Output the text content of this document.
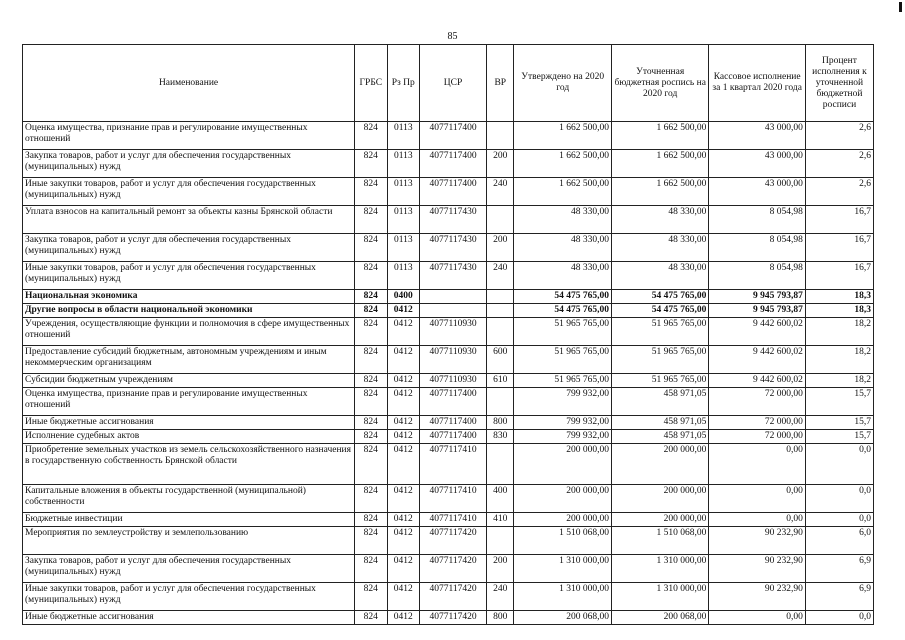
85
Наименование	ГРБС	Рз Пр	ЦСР	ВР	Утверждено на 2020 год	Уточненная бюджетная роспись на 2020 год	Кассовое исполнение за 1 квартал 2020 года	Процент исполнения к уточненной бюджетной росписи
Оценка имущества, признание прав и регулирование имущественных отношений	824	0113	4077117400		1 662 500,00	1 662 500,00	43 000,00	2,6
Закупка товаров, работ и услуг для обеспечения государственных (муниципальных) нужд	824	0113	4077117400	200	1 662 500,00	1 662 500,00	43 000,00	2,6
Иные закупки товаров, работ и услуг для обеспечения государственных (муниципальных) нужд	824	0113	4077117400	240	1 662 500,00	1 662 500,00	43 000,00	2,6
Уплата взносов на капитальный ремонт за объекты казны Брянской области	824	0113	4077117430		48 330,00	48 330,00	8 054,98	16,7
Закупка товаров, работ и услуг для обеспечения государственных (муниципальных) нужд	824	0113	4077117430	200	48 330,00	48 330,00	8 054,98	16,7
Иные закупки товаров, работ и услуг для обеспечения государственных (муниципальных) нужд	824	0113	4077117430	240	48 330,00	48 330,00	8 054,98	16,7
Национальная экономика	824	0400			54 475 765,00	54 475 765,00	9 945 793,87	18,3
Другие вопросы в области национальной экономики	824	0412			54 475 765,00	54 475 765,00	9 945 793,87	18,3
Учреждения, осуществляющие функции и полномочия в сфере имущественных отношений	824	0412	4077110930		51 965 765,00	51 965 765,00	9 442 600,02	18,2
Предоставление субсидий бюджетным, автономным учреждениям и иным некоммерческим организациям	824	0412	4077110930	600	51 965 765,00	51 965 765,00	9 442 600,02	18,2
Субсидии бюджетным учреждениям	824	0412	4077110930	610	51 965 765,00	51 965 765,00	9 442 600,02	18,2
Оценка имущества, признание прав и регулирование имущественных отношений	824	0412	4077117400		799 932,00	458 971,05	72 000,00	15,7
Иные бюджетные ассигнования	824	0412	4077117400	800	799 932,00	458 971,05	72 000,00	15,7
Исполнение судебных актов	824	0412	4077117400	830	799 932,00	458 971,05	72 000,00	15,7
Приобретение земельных участков из земель сельскохозяйственного назначения в государственную собственность Брянской области	824	0412	4077117410		200 000,00	200 000,00	0,00	0,0
Капитальные вложения в объекты государственной (муниципальной) собственности	824	0412	4077117410	400	200 000,00	200 000,00	0,00	0,0
Бюджетные инвестиции	824	0412	4077117410	410	200 000,00	200 000,00	0,00	0,0
Мероприятия по землеустройству и землепользованию	824	0412	4077117420		1 510 068,00	1 510 068,00	90 232,90	6,0
Закупка товаров, работ и услуг для обеспечения государственных (муниципальных) нужд	824	0412	4077117420	200	1 310 000,00	1 310 000,00	90 232,90	6,9
Иные закупки товаров, работ и услуг для обеспечения государственных (муниципальных) нужд	824	0412	4077117420	240	1 310 000,00	1 310 000,00	90 232,90	6,9
Иные бюджетные ассигнования	824	0412	4077117420	800	200 068,00	200 068,00	0,00	0,0
